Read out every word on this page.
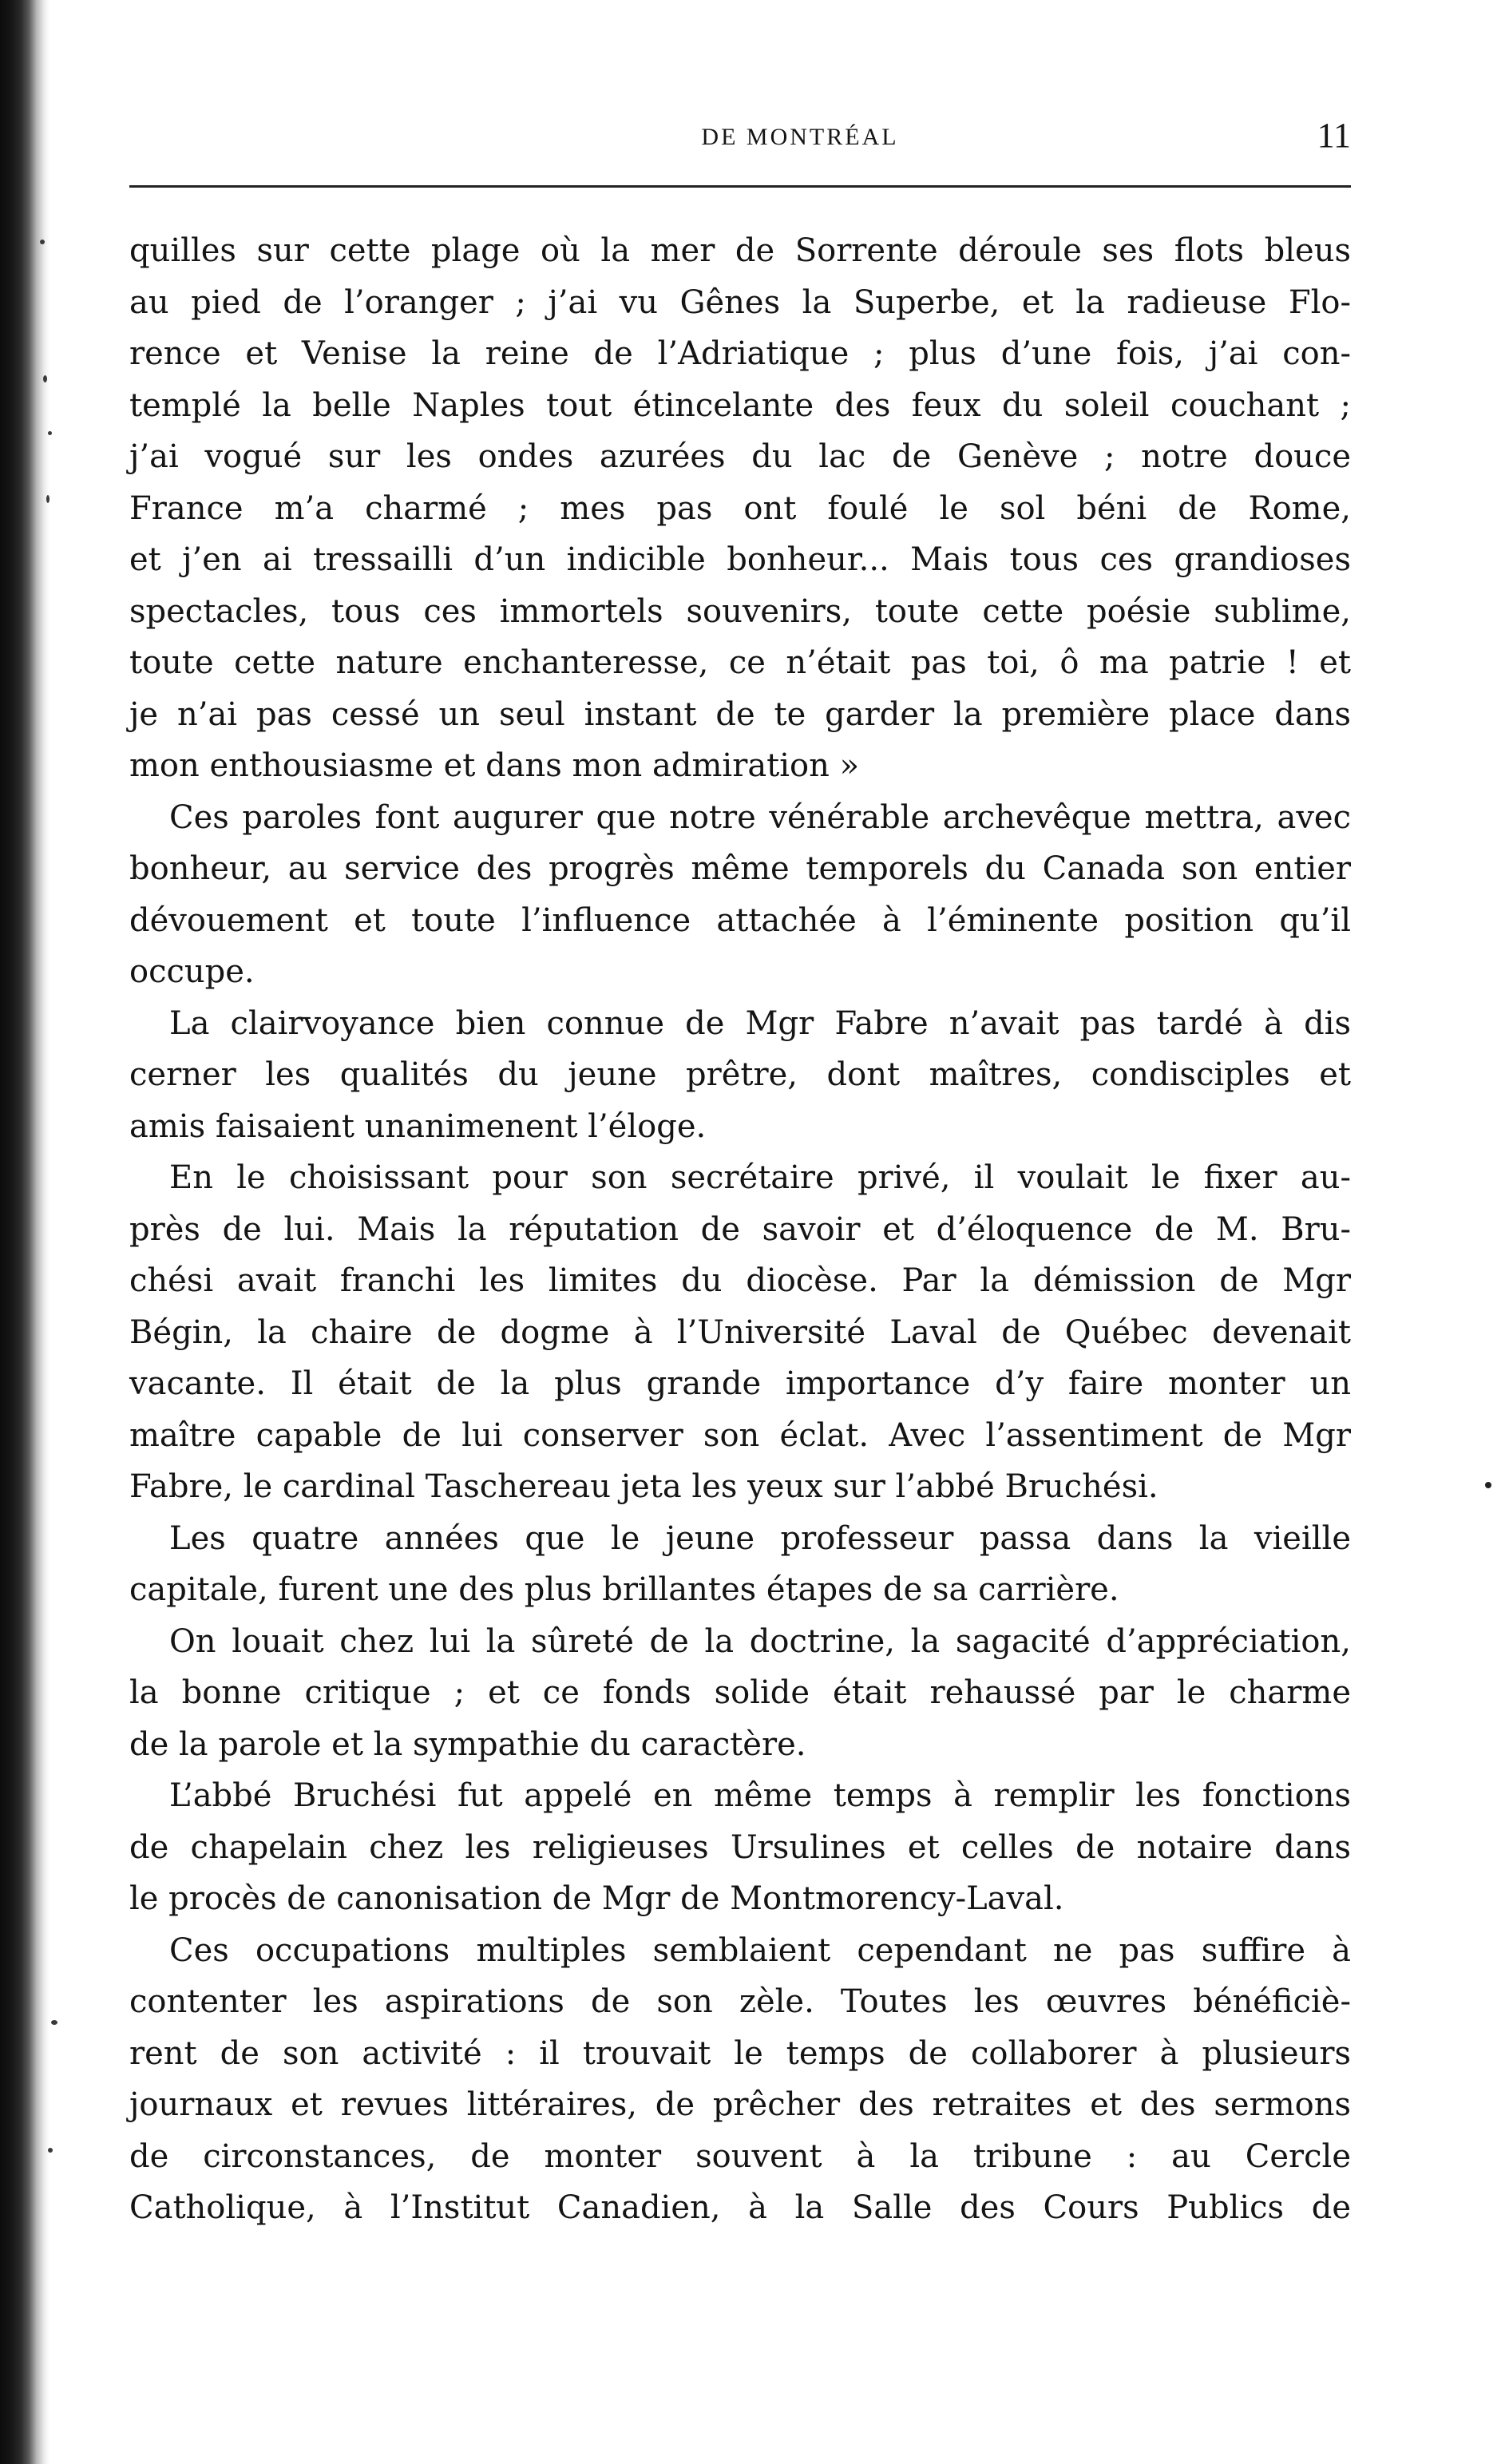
DE MONTRÉAL	11
quilles sur cette plage où la mer de Sorrente déroule ses flots bleus
au pied de l’oranger ; j’ai vu Gênes la Superbe, et la radieuse Flo-
rence et Venise la reine de l’Adriatique ; plus d’une fois, j’ai con-
templé la belle Naples tout étincelante des feux du soleil couchant ;
j’ai vogué sur les ondes azurées du lac de Genève ; notre douce
France m’a charmé ; mes pas ont foulé le sol béni de Rome,
et j’en ai tressailli d’un indicible bonheur... Mais tous ces grandioses
spectacles, tous ces immortels souvenirs, toute cette poésie sublime,
toute cette nature enchanteresse, ce n’était pas toi, ô ma patrie ! et
je n’ai pas cessé un seul instant de te garder la première place dans
mon enthousiasme et dans mon admiration »
Ces paroles font augurer que notre vénérable archevêque mettra, avec
bonheur, au service des progrès même temporels du Canada son entier
dévouement et toute l’influence attachée à l’éminente position qu’il
occupe.
La clairvoyance bien connue de Mgr Fabre n’avait pas tardé à dis
cerner les qualités du jeune prêtre, dont maîtres, condisciples et
amis faisaient unanimenent l’éloge.
En le choisissant pour son secrétaire privé, il voulait le fixer au-
près de lui. Mais la réputation de savoir et d’éloquence de M. Bru-
chési avait franchi les limites du diocèse. Par la démission de Mgr
Bégin, la chaire de dogme à l’Université Laval de Québec devenait
vacante. Il était de la plus grande importance d’y faire monter un
maître capable de lui conserver son éclat. Avec l’assentiment de Mgr
Fabre, le cardinal Taschereau jeta les yeux sur l’abbé Bruchési.
Les quatre années que le jeune professeur passa dans la vieille
capitale, furent une des plus brillantes étapes de sa carrière.
On louait chez lui la sûreté de la doctrine, la sagacité d’appréciation,
la bonne critique ; et ce fonds solide était rehaussé par le charme
de la parole et la sympathie du caractère.
L’abbé Bruchési fut appelé en même temps à remplir les fonctions
de chapelain chez les religieuses Ursulines et celles de notaire dans
le procès de canonisation de Mgr de Montmorency-Laval.
Ces occupations multiples semblaient cependant ne pas suffire à
contenter les aspirations de son zèle. Toutes les œuvres bénéficiè-
rent de son activité : il trouvait le temps de collaborer à plusieurs
journaux et revues littéraires, de prêcher des retraites et des sermons
de circonstances, de monter souvent à la tribune : au Cercle
Catholique, à l’Institut Canadien, à la Salle des Cours Publics de
